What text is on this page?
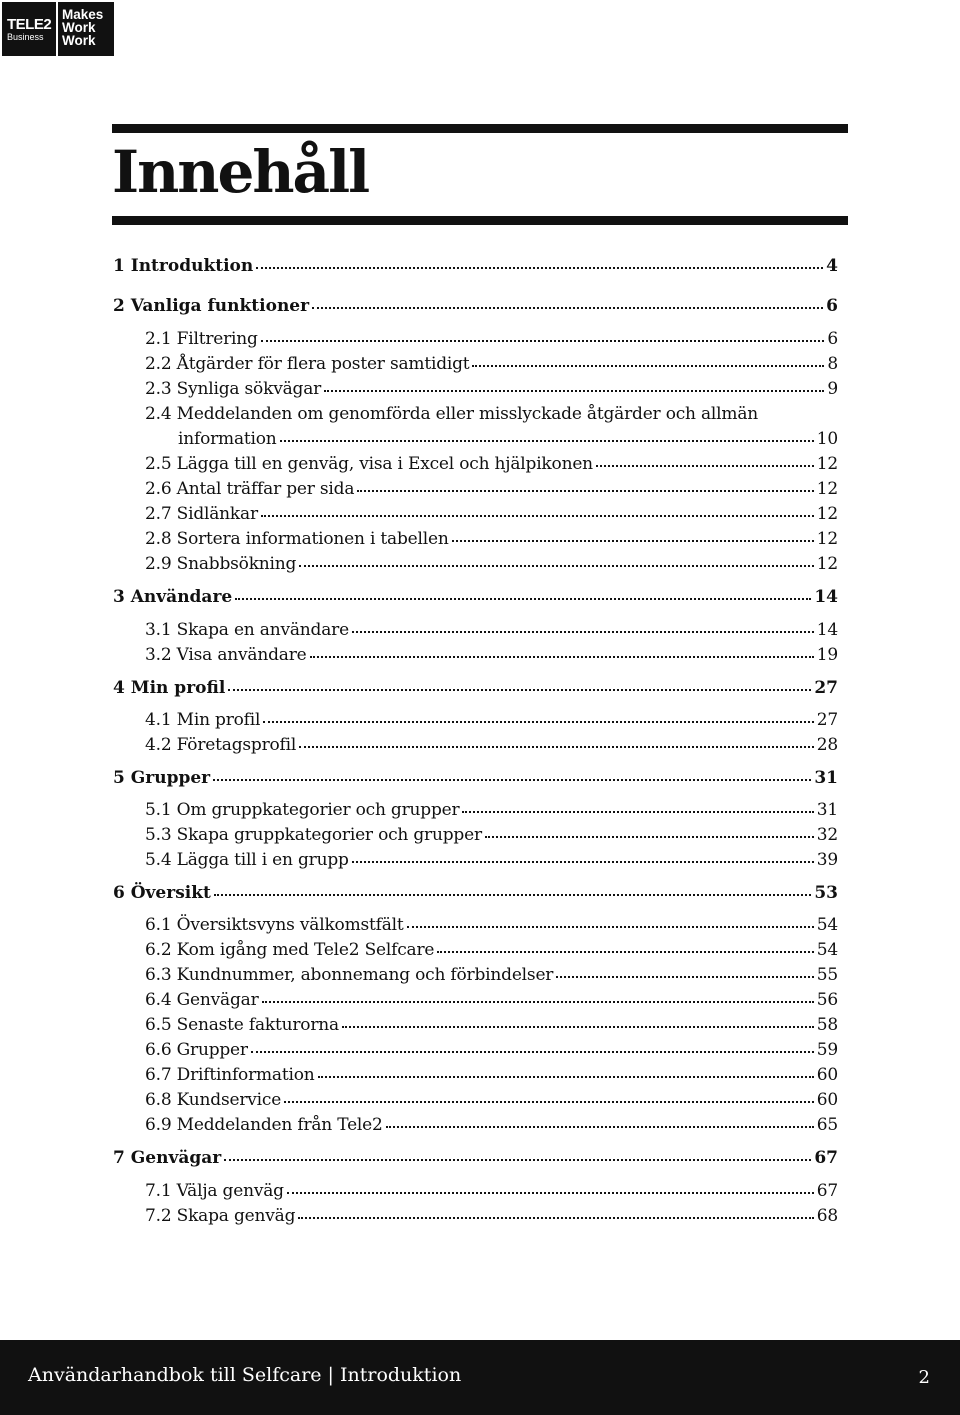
TELE2
Business
Makes
Work
Work
Innehåll
1 Introduktion	4
2 Vanliga funktioner	6
2.1 Filtrering	6
2.2 Åtgärder för flera poster samtidigt	8
2.3 Synliga sökvägar	9
2.4 Meddelanden om genomförda eller misslyckade åtgärder och allmän
information	10
2.5 Lägga till en genväg, visa i Excel och hjälpikonen	12
2.6 Antal träffar per sida	12
2.7 Sidlänkar	12
2.8 Sortera informationen i tabellen	12
2.9 Snabbsökning	12
3 Användare	14
3.1 Skapa en användare	14
3.2 Visa användare	19
4 Min profil	27
4.1 Min profil	27
4.2 Företagsprofil	28
5 Grupper	31
5.1 Om gruppkategorier och grupper	31
5.3 Skapa gruppkategorier och grupper	32
5.4 Lägga till i en grupp	39
6 Översikt	53
6.1 Översiktsvyns välkomstfält	54
6.2 Kom igång med Tele2 Selfcare	54
6.3 Kundnummer, abonnemang och förbindelser	55
6.4 Genvägar	56
6.5 Senaste fakturorna	58
6.6 Grupper	59
6.7 Driftinformation	60
6.8 Kundservice	60
6.9 Meddelanden från Tele2	65
7 Genvägar	67
7.1 Välja genväg	67
7.2 Skapa genväg	68
Användarhandbok till Selfcare | Introduktion	2
